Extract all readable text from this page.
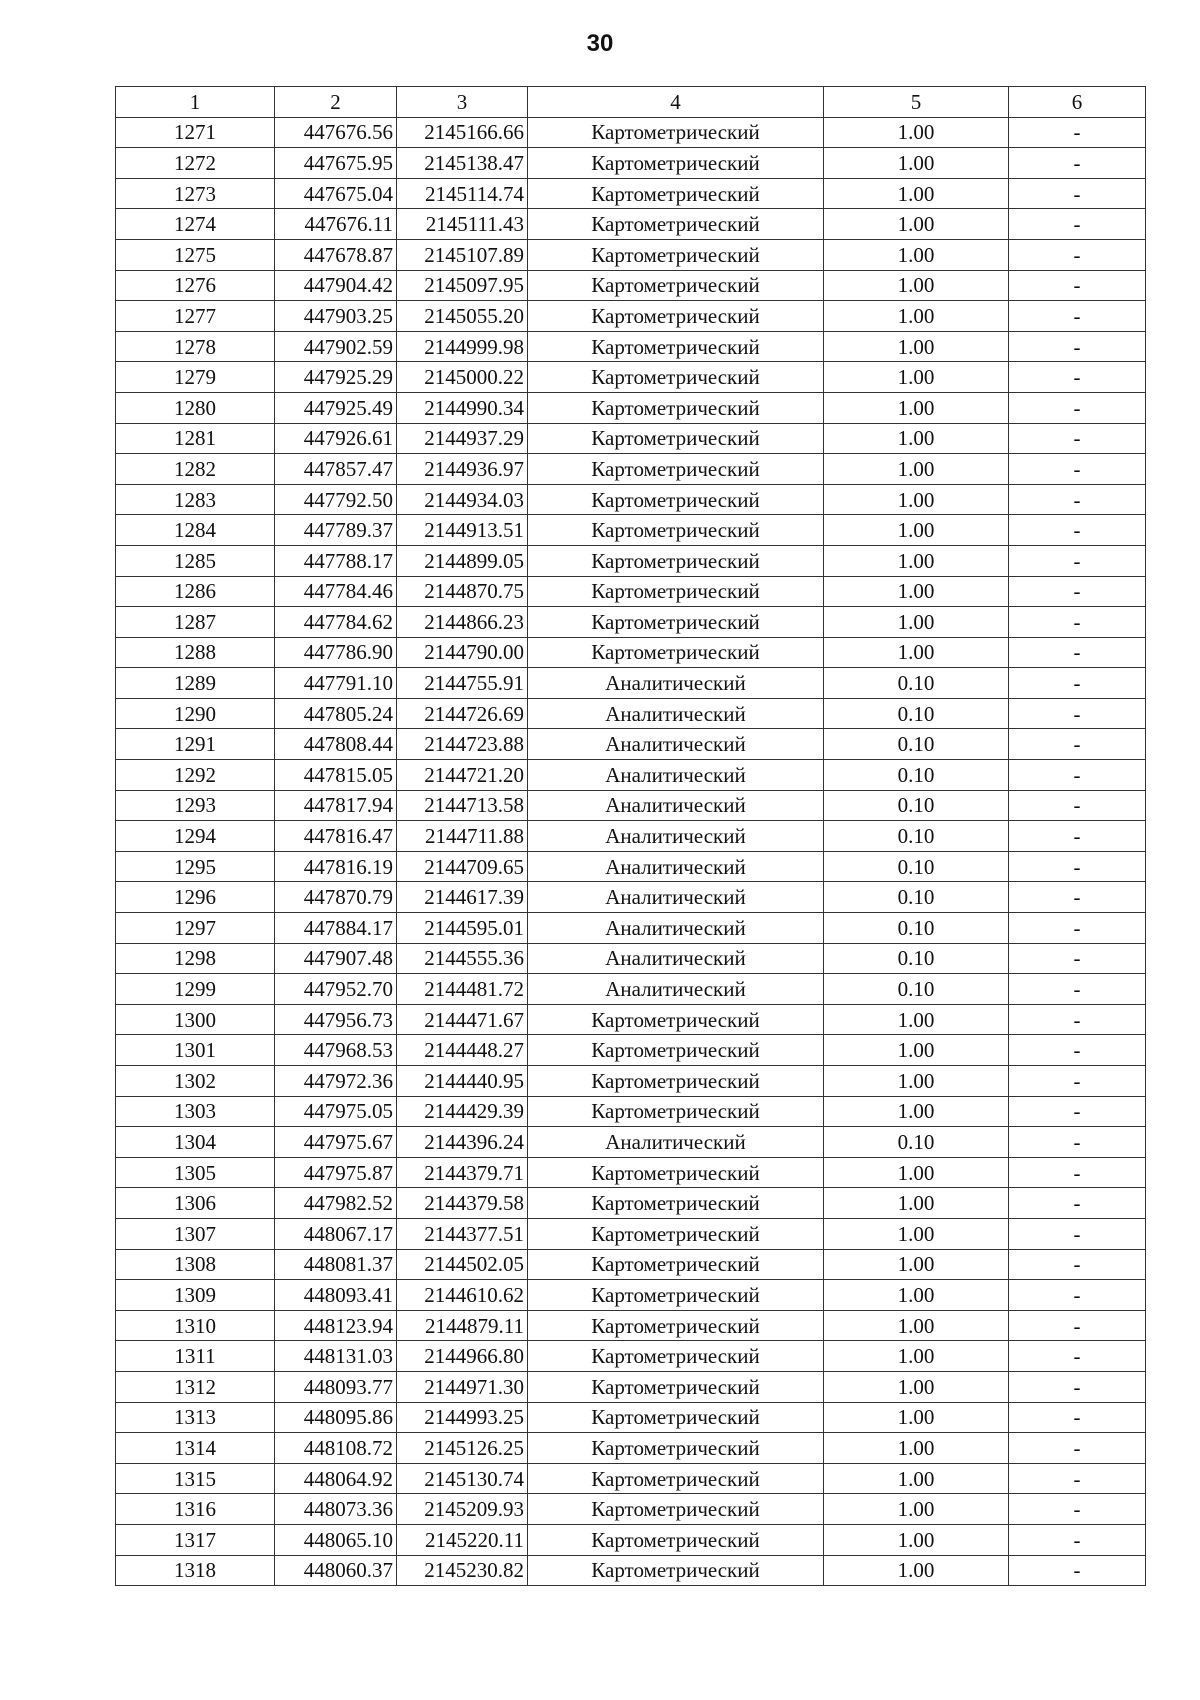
30
1	2	3	4	5	6
1271	447676.56	2145166.66	Картометрический	1.00	-
1272	447675.95	2145138.47	Картометрический	1.00	-
1273	447675.04	2145114.74	Картометрический	1.00	-
1274	447676.11	2145111.43	Картометрический	1.00	-
1275	447678.87	2145107.89	Картометрический	1.00	-
1276	447904.42	2145097.95	Картометрический	1.00	-
1277	447903.25	2145055.20	Картометрический	1.00	-
1278	447902.59	2144999.98	Картометрический	1.00	-
1279	447925.29	2145000.22	Картометрический	1.00	-
1280	447925.49	2144990.34	Картометрический	1.00	-
1281	447926.61	2144937.29	Картометрический	1.00	-
1282	447857.47	2144936.97	Картометрический	1.00	-
1283	447792.50	2144934.03	Картометрический	1.00	-
1284	447789.37	2144913.51	Картометрический	1.00	-
1285	447788.17	2144899.05	Картометрический	1.00	-
1286	447784.46	2144870.75	Картометрический	1.00	-
1287	447784.62	2144866.23	Картометрический	1.00	-
1288	447786.90	2144790.00	Картометрический	1.00	-
1289	447791.10	2144755.91	Аналитический	0.10	-
1290	447805.24	2144726.69	Аналитический	0.10	-
1291	447808.44	2144723.88	Аналитический	0.10	-
1292	447815.05	2144721.20	Аналитический	0.10	-
1293	447817.94	2144713.58	Аналитический	0.10	-
1294	447816.47	2144711.88	Аналитический	0.10	-
1295	447816.19	2144709.65	Аналитический	0.10	-
1296	447870.79	2144617.39	Аналитический	0.10	-
1297	447884.17	2144595.01	Аналитический	0.10	-
1298	447907.48	2144555.36	Аналитический	0.10	-
1299	447952.70	2144481.72	Аналитический	0.10	-
1300	447956.73	2144471.67	Картометрический	1.00	-
1301	447968.53	2144448.27	Картометрический	1.00	-
1302	447972.36	2144440.95	Картометрический	1.00	-
1303	447975.05	2144429.39	Картометрический	1.00	-
1304	447975.67	2144396.24	Аналитический	0.10	-
1305	447975.87	2144379.71	Картометрический	1.00	-
1306	447982.52	2144379.58	Картометрический	1.00	-
1307	448067.17	2144377.51	Картометрический	1.00	-
1308	448081.37	2144502.05	Картометрический	1.00	-
1309	448093.41	2144610.62	Картометрический	1.00	-
1310	448123.94	2144879.11	Картометрический	1.00	-
1311	448131.03	2144966.80	Картометрический	1.00	-
1312	448093.77	2144971.30	Картометрический	1.00	-
1313	448095.86	2144993.25	Картометрический	1.00	-
1314	448108.72	2145126.25	Картометрический	1.00	-
1315	448064.92	2145130.74	Картометрический	1.00	-
1316	448073.36	2145209.93	Картометрический	1.00	-
1317	448065.10	2145220.11	Картометрический	1.00	-
1318	448060.37	2145230.82	Картометрический	1.00	-
